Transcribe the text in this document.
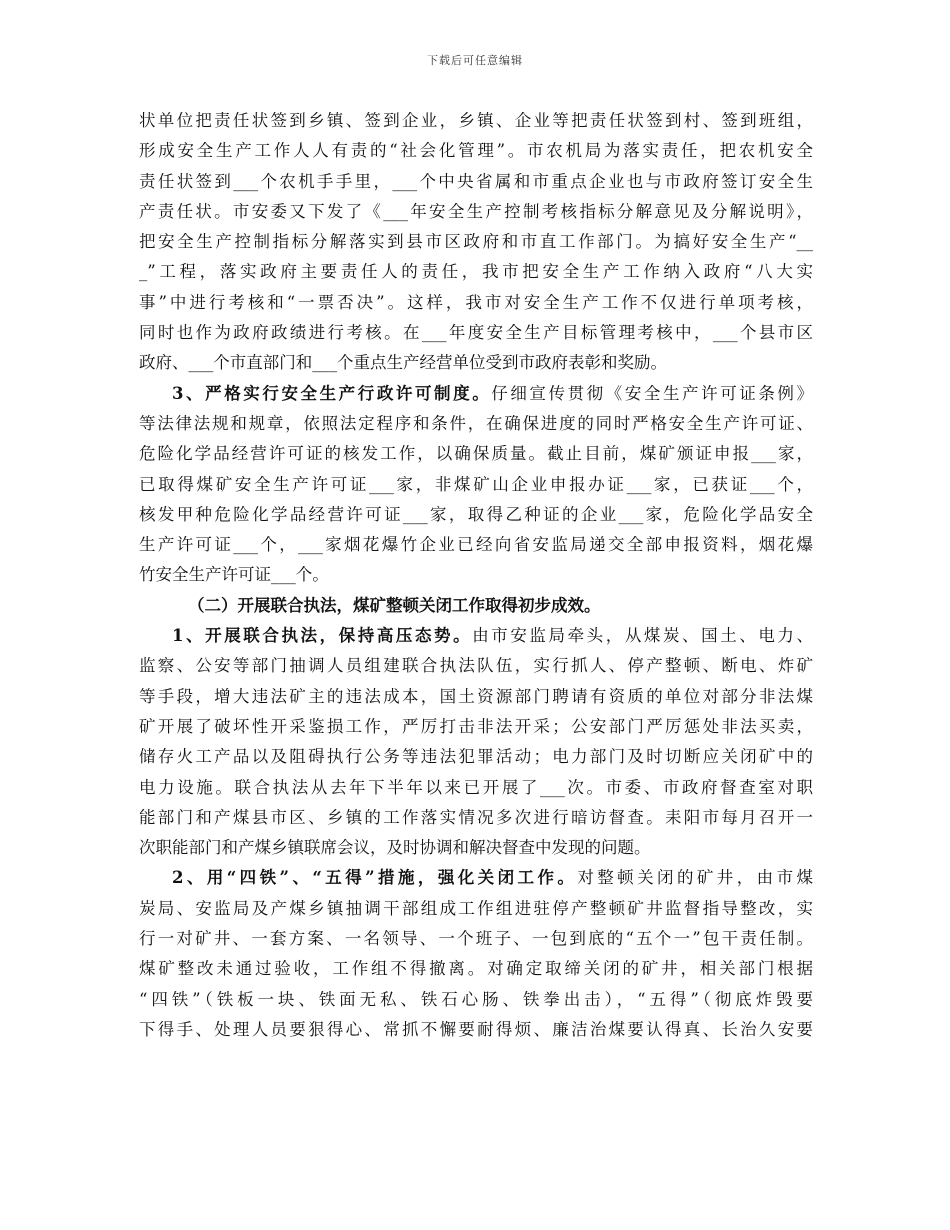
下载后可任意编辑
状单位把责任状签到乡镇、签到企业，乡镇、企业等把责任状签到村、签到班组，
形成安全生产工作人人有责的“社会化管理”。市农机局为落实责任，把农机安全
责任状签到___个农机手手里，___个中央省属和市重点企业也与市政府签订安全生
产责任状。市安委又下发了《___年安全生产控制考核指标分解意见及分解说明》，
把安全生产控制指标分解落实到县市区政府和市直工作部门。为搞好安全生产“__
_”工程，落实政府主要责任人的责任，我市把安全生产工作纳入政府“八大实
事”中进行考核和“一票否决”。这样，我市对安全生产工作不仅进行单项考核，
同时也作为政府政绩进行考核。在___年度安全生产目标管理考核中，___个县市区
政府、___个市直部门和___个重点生产经营单位受到市政府表彰和奖励。
3、严格实行安全生产行政许可制度。仔细宣传贯彻《安全生产许可证条例》
等法律法规和规章，依照法定程序和条件，在确保进度的同时严格安全生产许可证、
危险化学品经营许可证的核发工作，以确保质量。截止目前，煤矿颁证申报___家，
已取得煤矿安全生产许可证___家，非煤矿山企业申报办证___家，已获证___个，
核发甲种危险化学品经营许可证___家，取得乙种证的企业___家，危险化学品安全
生产许可证___个，___家烟花爆竹企业已经向省安监局递交全部申报资料，烟花爆
竹安全生产许可证___个。
（二）开展联合执法，煤矿整顿关闭工作取得初步成效。
1、开展联合执法，保持高压态势。由市安监局牵头，从煤炭、国土、电力、
监察、公安等部门抽调人员组建联合执法队伍，实行抓人、停产整顿、断电、炸矿
等手段，增大违法矿主的违法成本，国土资源部门聘请有资质的单位对部分非法煤
矿开展了破坏性开采鉴损工作，严厉打击非法开采；公安部门严厉惩处非法买卖，
储存火工产品以及阻碍执行公务等违法犯罪活动；电力部门及时切断应关闭矿中的
电力设施。联合执法从去年下半年以来已开展了___次。市委、市政府督查室对职
能部门和产煤县市区、乡镇的工作落实情况多次进行暗访督查。耒阳市每月召开一
次职能部门和产煤乡镇联席会议，及时协调和解决督查中发现的问题。
2、用“四铁”、“五得”措施，强化关闭工作。对整顿关闭的矿井，由市煤
炭局、安监局及产煤乡镇抽调干部组成工作组进驻停产整顿矿井监督指导整改，实
行一对矿井、一套方案、一名领导、一个班子、一包到底的“五个一”包干责任制。
煤矿整改未通过验收，工作组不得撤离。对确定取缔关闭的矿井，相关部门根据
“四铁”（铁板一块、铁面无私、铁石心肠、铁拳出击），“五得”（彻底炸毁要
下得手、处理人员要狠得心、常抓不懈要耐得烦、廉洁治煤要认得真、长治久安要
